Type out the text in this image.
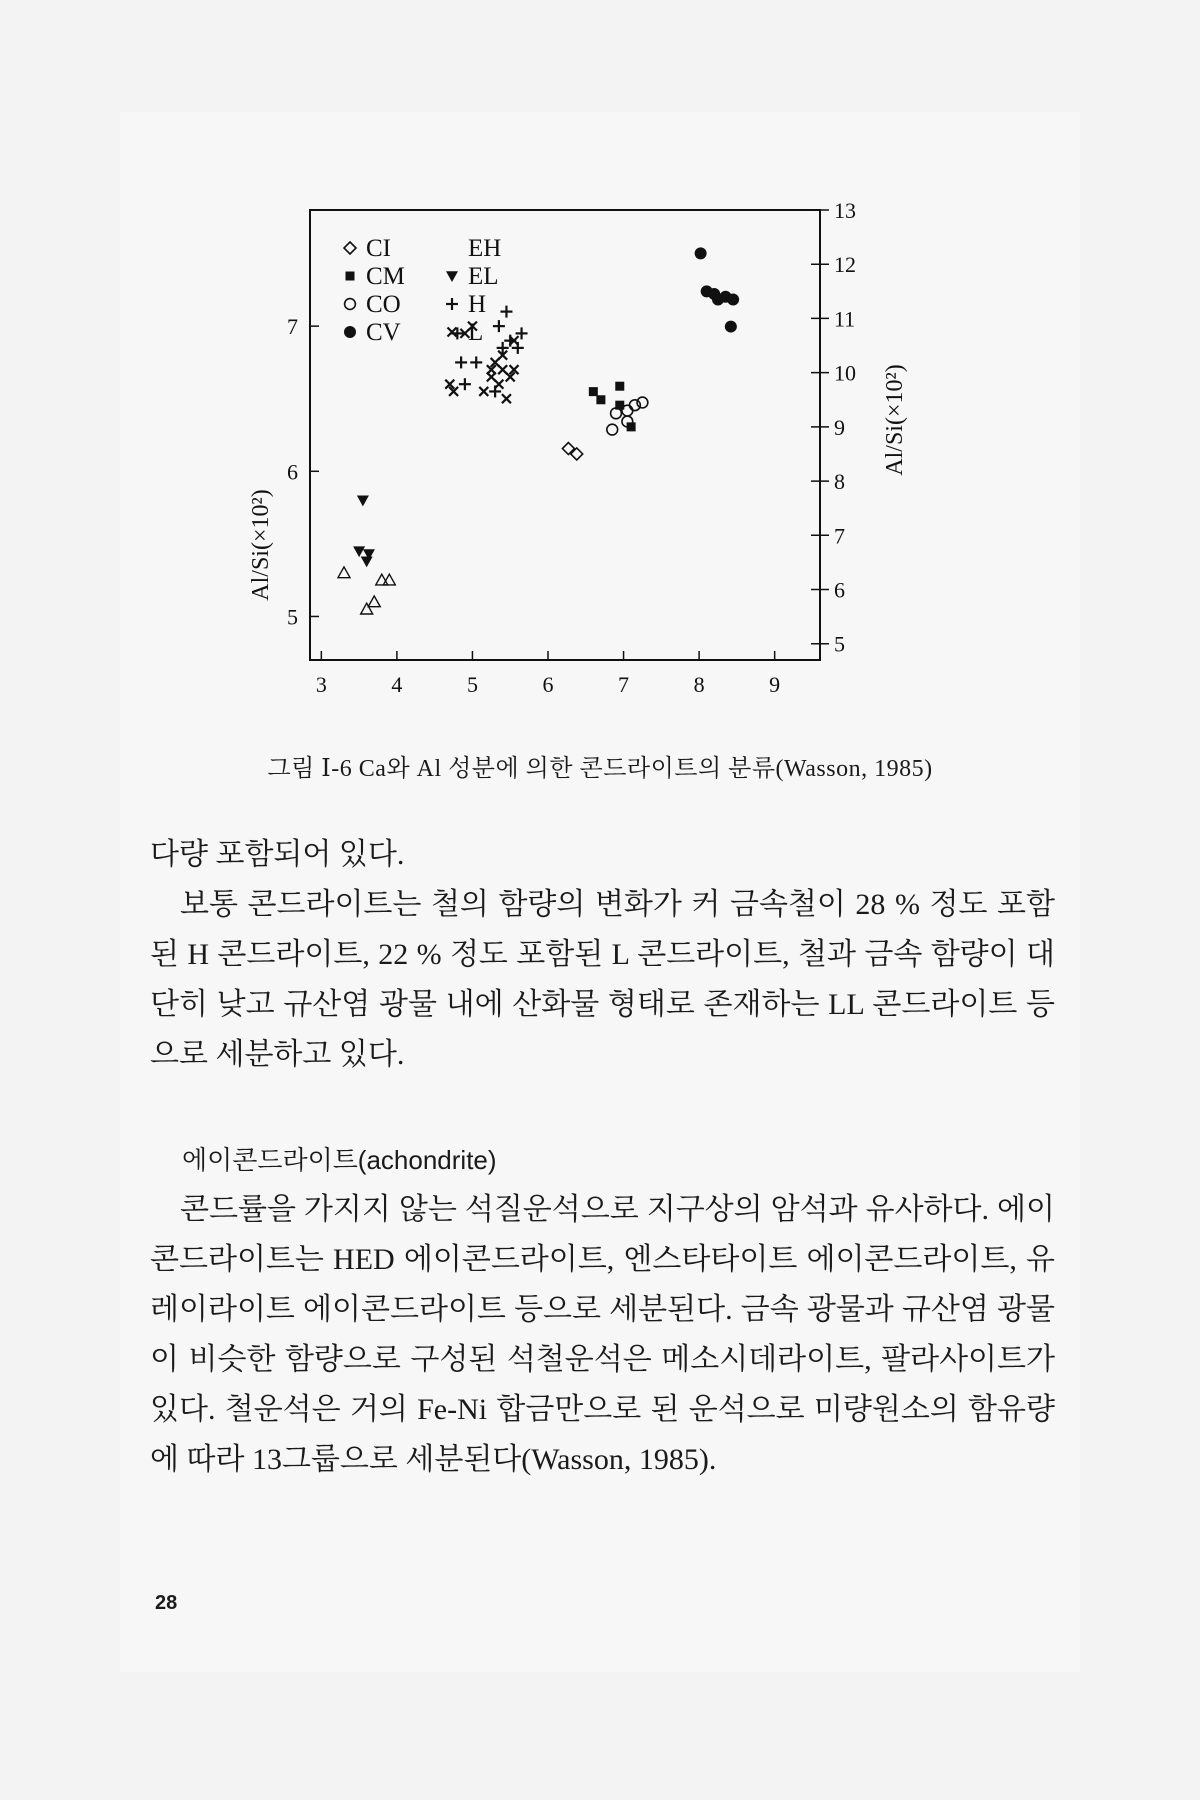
3	4	5	6	7	8	9
5
6
7
5
6
7
8
9
10
11
12
13
Al/Si(×10²)
Al/Si(×10²)
CI
CM
CO
CV
EH
EL
H
L
그림 Ⅰ-6 Ca와 Al 성분에 의한 콘드라이트의 분류(Wasson, 1985)

다량 포함되어 있다.

보통 콘드라이트는 철의 함량의 변화가 커 금속철이 28 % 정도 포함된 H 콘드라이트, 22 % 정도 포함된 L 콘드라이트, 철과 금속 함량이 대단히 낮고 규산염 광물 내에 산화물 형태로 존재하는 LL 콘드라이트 등으로 세분하고 있다.

에이콘드라이트(achondrite)

콘드률을 가지지 않는 석질운석으로 지구상의 암석과 유사하다. 에이콘드라이트는 HED 에이콘드라이트, 엔스타타이트 에이콘드라이트, 유레이라이트 에이콘드라이트 등으로 세분된다. 금속 광물과 규산염 광물이 비슷한 함량으로 구성된 석철운석은 메소시데라이트, 팔라사이트가 있다. 철운석은 거의 Fe-Ni 합금만으로 된 운석으로 미량원소의 함유량에 따라 13그룹으로 세분된다(Wasson, 1985).

28
